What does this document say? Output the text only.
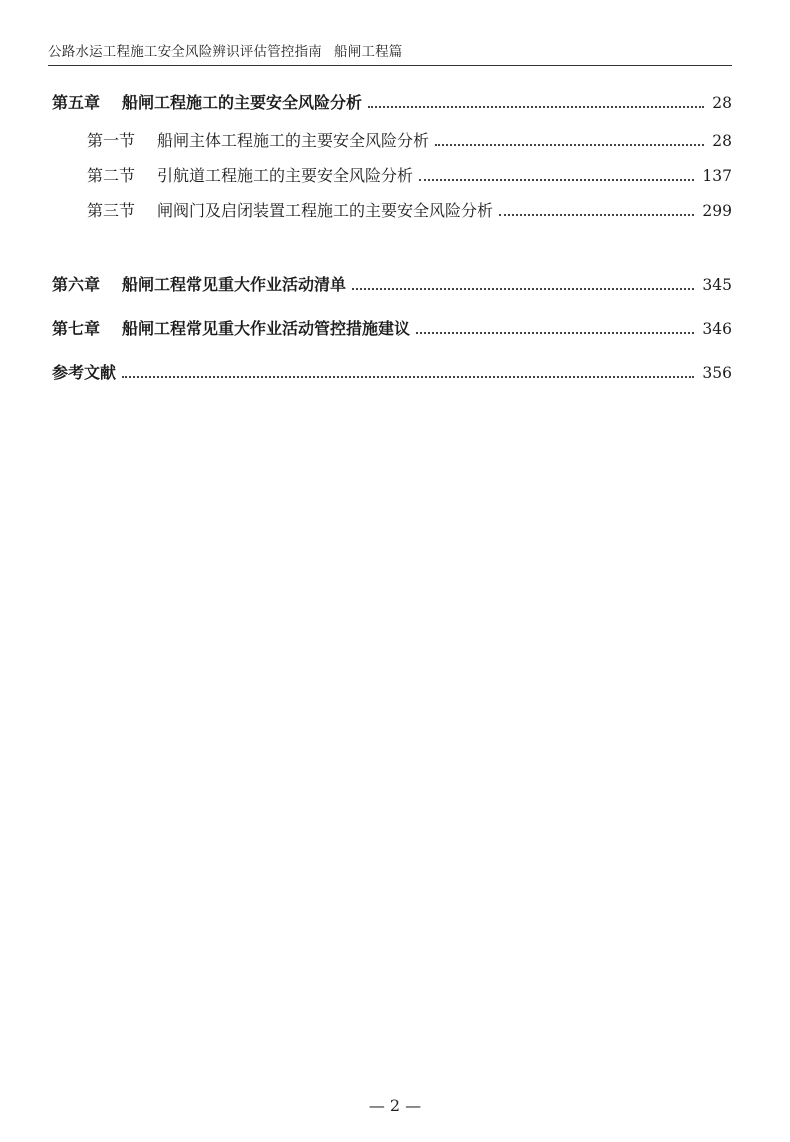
公路水运工程施工安全风险辨识评估管控指南 船闸工程篇
第五章	船闸工程施工的主要安全风险分析	28
第一节	船闸主体工程施工的主要安全风险分析	28
第二节	引航道工程施工的主要安全风险分析	137
第三节	闸阀门及启闭装置工程施工的主要安全风险分析	299
第六章	船闸工程常见重大作业活动清单	345
第七章	船闸工程常见重大作业活动管控措施建议	346
参考文献	356
— 2 —
